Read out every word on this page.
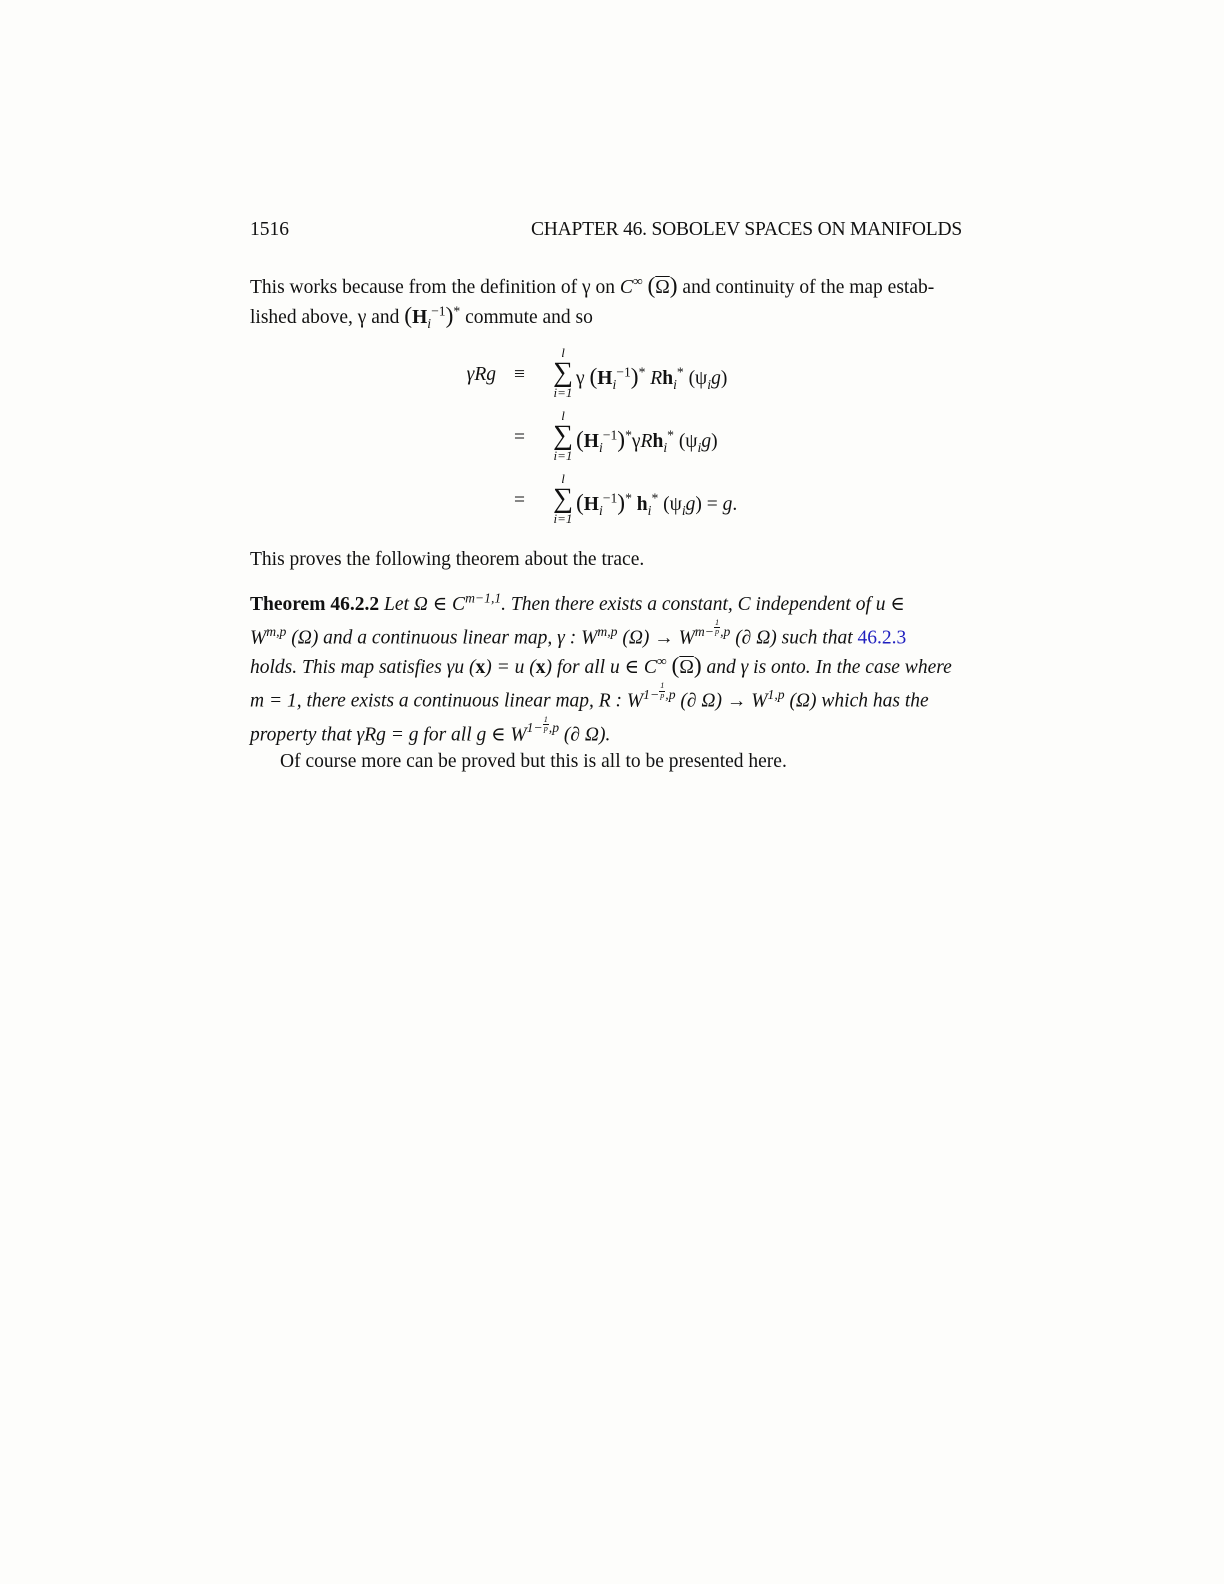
1516	CHAPTER 46. SOBOLEV SPACES ON MANIFOLDS
This works because from the definition of γ on C∞ $(\overline{\Omega})$ and continuity of the map estab-
lished above, γ and $(H_i^{-1})^*$ commute and so
γRg ≡
l
∑
i=1
γ $(H_i^{-1})^*$ $Rh_i^*$ $(\psi_ig)$
=
l
∑
i=1
$(H_i^{-1})^*\gamma Rh_i^*$ $(\psi_ig)$
=
l
∑
i=1
$(H_i^{-1})^*$ $h_i^*$ $(\psi_ig) = g$.
This proves the following theorem about the trace.
Theorem 46.2.2 Let Ω ∈ $C^{m-1,1}$. Then there exists a constant, C independent of u ∈
W$^{m,p}$ (Ω) and a continuous linear map, γ : W$^{m,p}$ $(\Omega) \to W^{m- \frac{1}{p} ,p}$ (∂ Ω) such that 46.2.3
holds. This map satisfies γu (x) = u (x) for all u ∈ C∞ $(\overline{\Omega})$ and γ is onto. In the case where
m = 1, there exists a continuous linear map, R : $W^{1- \frac{1}{p} ,p}$ (∂ Ω) → W$^{1,p}$ (Ω) which has the
property that γRg = g for all g ∈ $W^{1- \frac{1}{p} ,p}$ (∂ Ω).
Of course more can be proved but this is all to be presented here.
